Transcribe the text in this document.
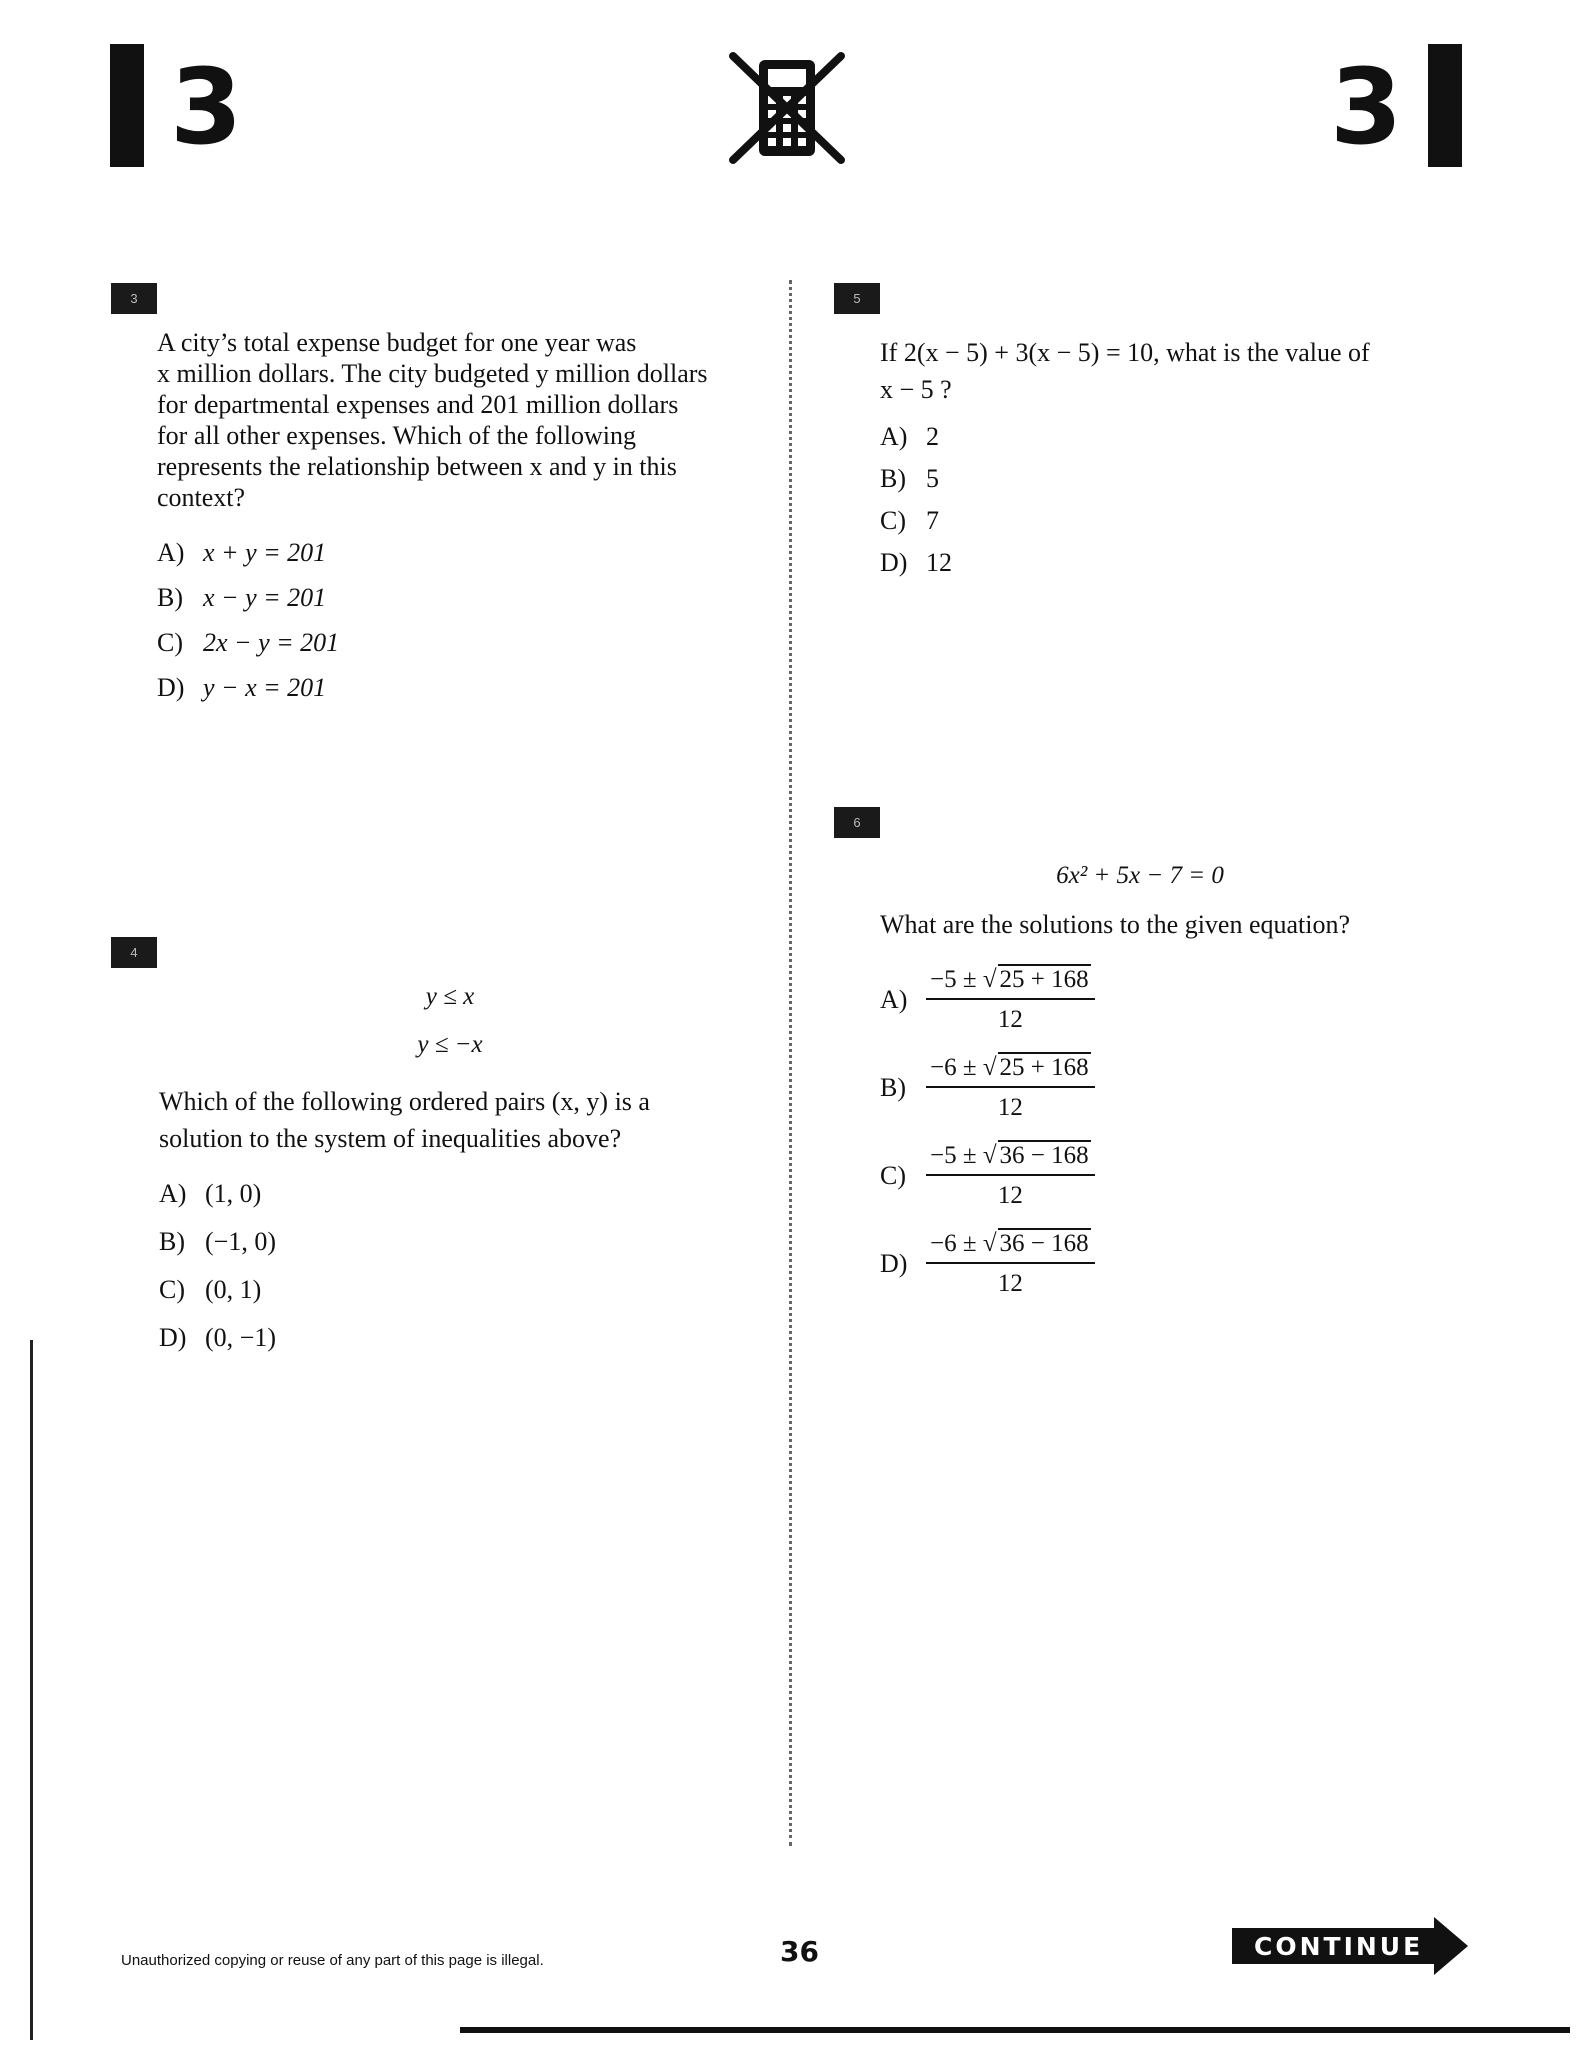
3	3
3
A city’s total expense budget for one year was
x million dollars. The city budgeted y million dollars
for departmental expenses and 201 million dollars
for all other expenses. Which of the following
represents the relationship between x and y in this
context?
A) x + y = 201
B) x − y = 201
C) 2x − y = 201
D) y − x = 201
4
y ≤ x
y ≤ −x
Which of the following ordered pairs (x, y) is a
solution to the system of inequalities above?
A) (1, 0)
B) (−1, 0)
C) (0, 1)
D) (0, −1)
5
If 2(x − 5) + 3(x − 5) = 10, what is the value of
x − 5 ?
A) 2
B) 5
C) 7
D) 12
6
6x² + 5x − 7 = 0
What are the solutions to the given equation?
$A) \frac{-5 \pm √ 25 + 168}{12}$
$B) \frac{-6 \pm √ 25 + 168}{12}$
$C) \frac{-5 \pm √ 36 - 168}{12}$
$D) \frac{-6 \pm √ 36 - 168}{12}$
Unauthorized copying or reuse of any part of this page is illegal.	36	CONTINUE
